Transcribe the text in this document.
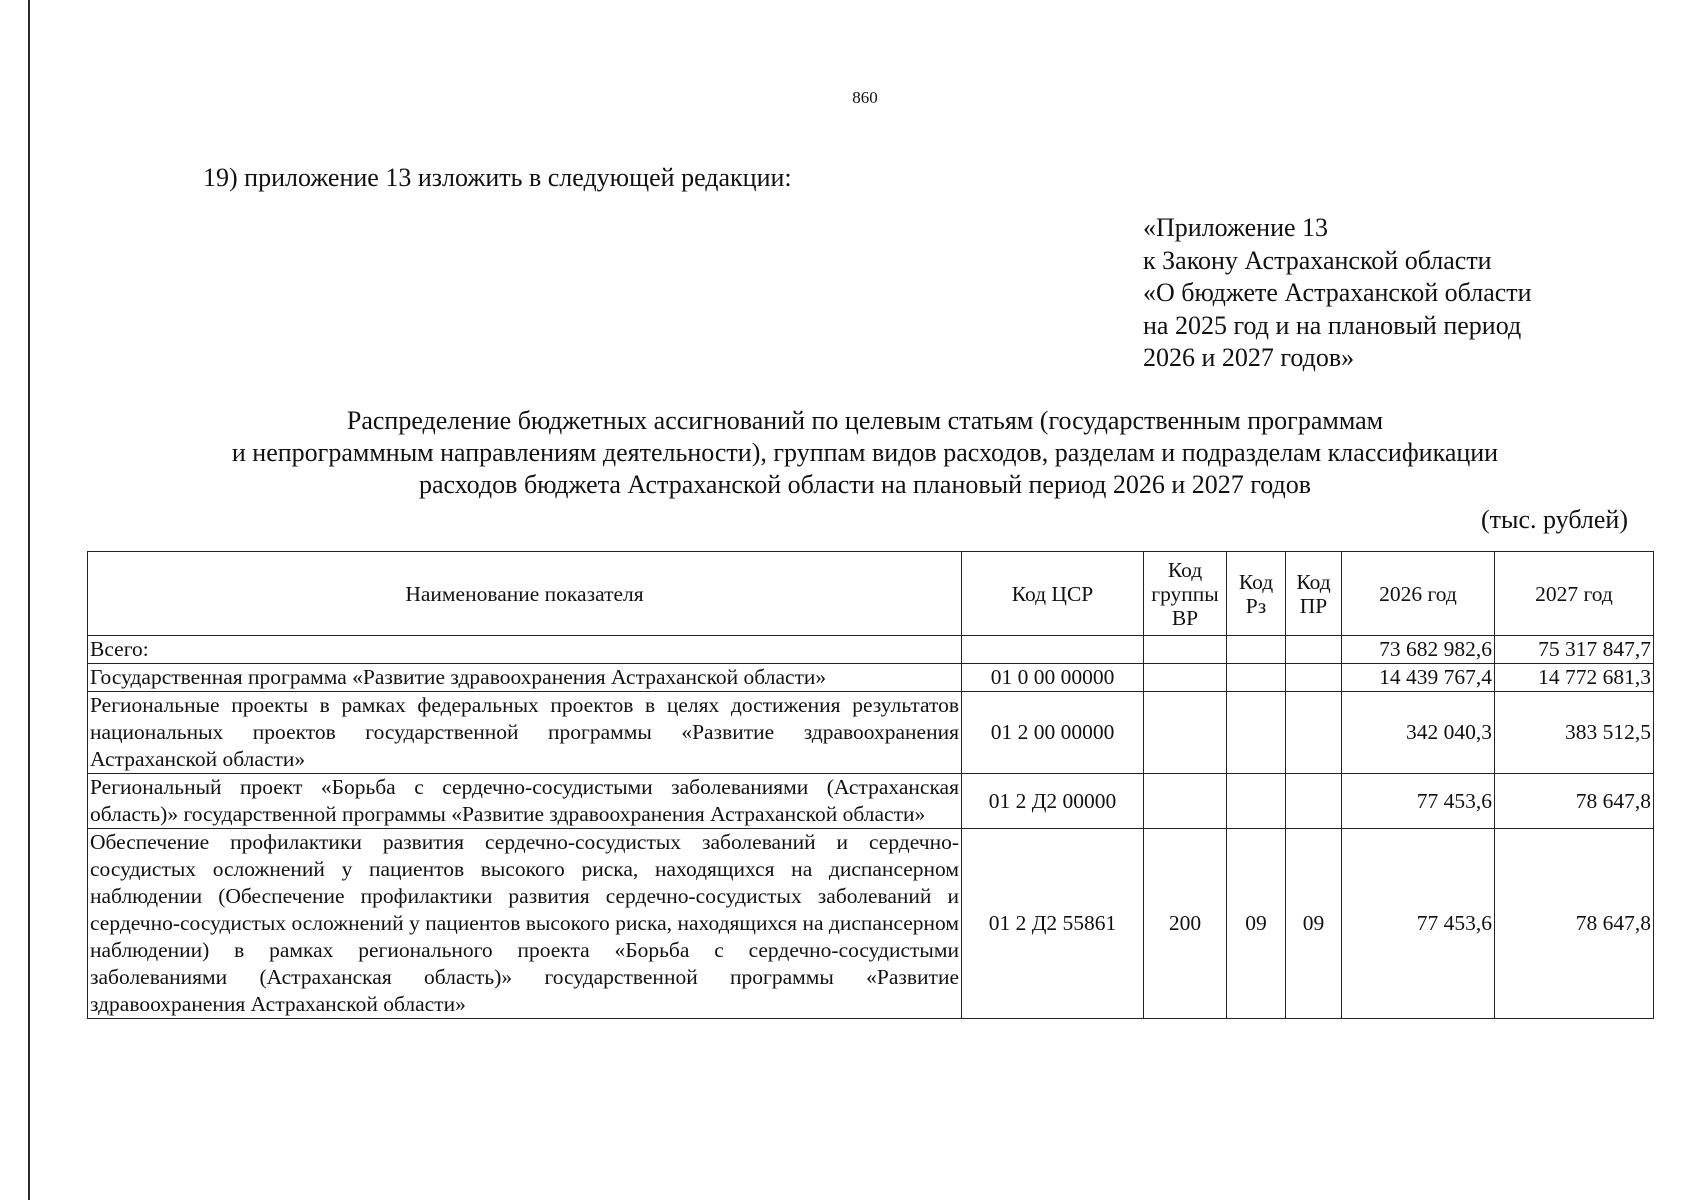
860
19) приложение 13 изложить в следующей редакции:
«Приложение 13
к Закону Астраханской области
«О бюджете Астраханской области
на 2025 год и на плановый период
2026 и 2027 годов»
Распределение бюджетных ассигнований по целевым статьям (государственным программам
и непрограммным направлениям деятельности), группам видов расходов, разделам и подразделам классификации
расходов бюджета Астраханской области на плановый период 2026 и 2027 годов
(тыс. рублей)
Наименование показателя	Код ЦСР	Код группы ВР	Код Рз	Код ПР	2026 год	2027 год
Всего:					73 682 982,6	75 317 847,7
Государственная программа «Развитие здравоохранения Астраханской области»	01 0 00 00000				14 439 767,4	14 772 681,3
Региональные проекты в рамках федеральных проектов в целях достижения результатов национальных проектов государственной программы «Развитие здравоохранения Астраханской области»	01 2 00 00000				342 040,3	383 512,5
Региональный проект «Борьба с сердечно-сосудистыми заболеваниями (Астраханская область)» государственной программы «Развитие здравоохранения Астраханской области»	01 2 Д2 00000				77 453,6	78 647,8
Обеспечение профилактики развития сердечно-сосудистых заболеваний и сердечно-сосудистых осложнений у пациентов высокого риска, находящихся на диспансерном наблюдении (Обеспечение профилактики развития сердечно-сосудистых заболеваний и сердечно-сосудистых осложнений у пациентов высокого риска, находящихся на диспансерном наблюдении) в рамках регионального проекта «Борьба с сердечно-сосудистыми заболеваниями (Астраханская область)» государственной программы «Развитие здравоохранения Астраханской области»	01 2 Д2 55861	200	09	09	77 453,6	78 647,8
